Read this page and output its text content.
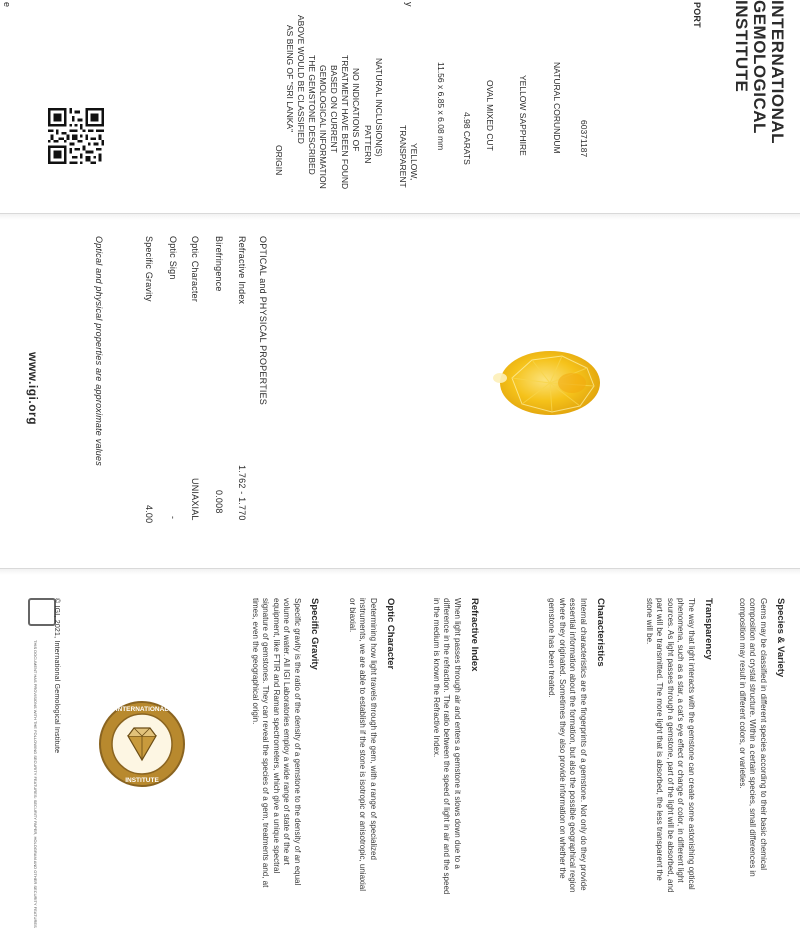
INTERNATIONAL
GEMOLOGICAL
INSTITUTE
PORT
60371187
NATURAL CORUNDUM
YELLOW SAPPHIRE
OVAL MIXED CUT
4.98 CARATS
11.56 x 6.85 x 6.08 mm
YELLOW,
TRANSPARENT
NATURAL INCLUSION(S)
PATTERN
NO INDICATIONS OF
TREATMENT HAVE BEEN FOUND
BASED ON CURRENT
GEMOLOGICAL INFORMATION
THE GEMSTONE DESCRIBED
ABOVE WOULD BE CLASSIFIED
AS BEING OF "SRI LANKA"
ORIGIN
y
e
OPTICAL and PHYSICAL PROPERTIES
Refractive Index
1.762 - 1.770
Birefringence
0.008
Optic Character
UNIAXIAL
Optic Sign
-
Specific Gravity
4.00
Optical and physical properties are approximate values
www.igi.org
Species & Variety
Gems may be classified in different species according to their basic chemical composition and crystal structure. Within a certain species, small differences in composition may result in different colors, or varieties.
Transparency
The way that light interacts with the gemstone can create some astonishing optical phenomena, such as a star, a cat's eye effect or change of color, in different light sources. As light passes through a gemstone, part of the light will be absorbed, and part will be transmitted. The more light that is absorbed, the less transparent the stone will be.
Characteristics
Internal characteristics are the fingerprints of a gemstone. Not only do they provide essential information about the formation, but also the possible geographical region where they originated. Sometimes they also provide information on whether the gemstone has been treated.
Refractive Index
When light passes through air and enters a gemstone it slows down due to a difference in the refraction. The ratio between the speed of light in air and the speed in the medium is known the Refractive Index.
Optic Character
Determining how light travels through the gem, with a range of specialized instruments, we are able to establish if the stone is isotropic or anisotropic, uniaxial or biaxial.
Specific Gravity
Specific gravity is the ratio of the density of a gemstone to the density of an equal volume of water. All IGI Laboratories employ a wide range of state of the art equipment, like FTIR and Raman spectrometers, which give a unique spectral signature of gemstones. They can reveal the species of a gem, treatments and, at times, even the geographical origin.
INTERNATIONAL
INSTITUTE
© IGI, 2021, International Gemological Institute
THIS DOCUMENT HAS PROVISIONS WITH THE FOLLOWING SECURITY FEATURES: SECURITY PAPER, HOLOGRAM AND OTHER SECURITY FEATURES
